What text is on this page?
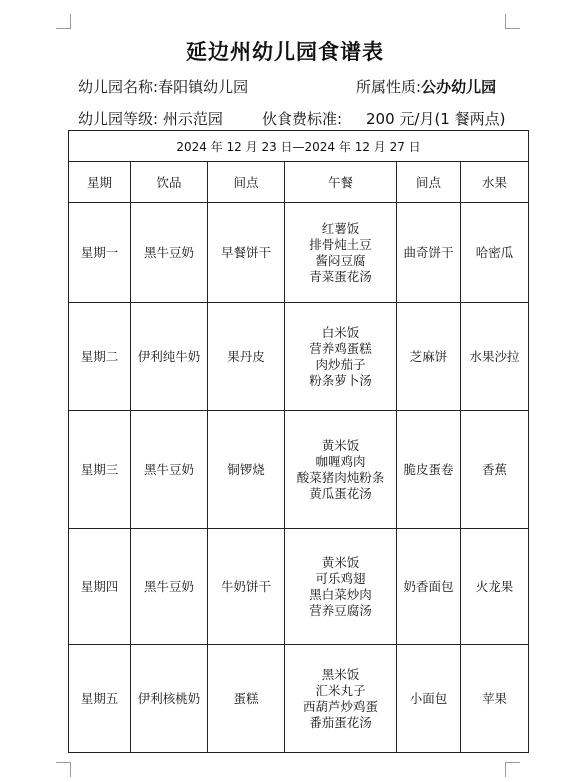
延边州幼儿园食谱表
幼儿园名称:春阳镇幼儿园	所属性质:公办幼儿园
幼儿园等级: 州示范园	伙食费标准: 200 元/月(1 餐两点)
2024 年 12 月 23 日—2024 年 12 月 27 日					
星期	饮品	间点	午餐	间点	水果
星期一	黑牛豆奶	早餐饼干	红薯饭
排骨炖土豆
酱闷豆腐
青菜蛋花汤	曲奇饼干	哈密瓜
星期二	伊利纯牛奶	果丹皮	白米饭
营养鸡蛋糕
肉炒茄子
粉条萝卜汤	芝麻饼	水果沙拉
星期三	黑牛豆奶	铜锣烧	黄米饭
咖喱鸡肉
酸菜猪肉炖粉条
黄瓜蛋花汤	脆皮蛋卷	香蕉
星期四	黑牛豆奶	牛奶饼干	黄米饭
可乐鸡翅
黑白菜炒肉
营养豆腐汤	奶香面包	火龙果
星期五	伊利核桃奶	蛋糕	黑米饭
汇米丸子
西葫芦炒鸡蛋
番茄蛋花汤	小面包	苹果
